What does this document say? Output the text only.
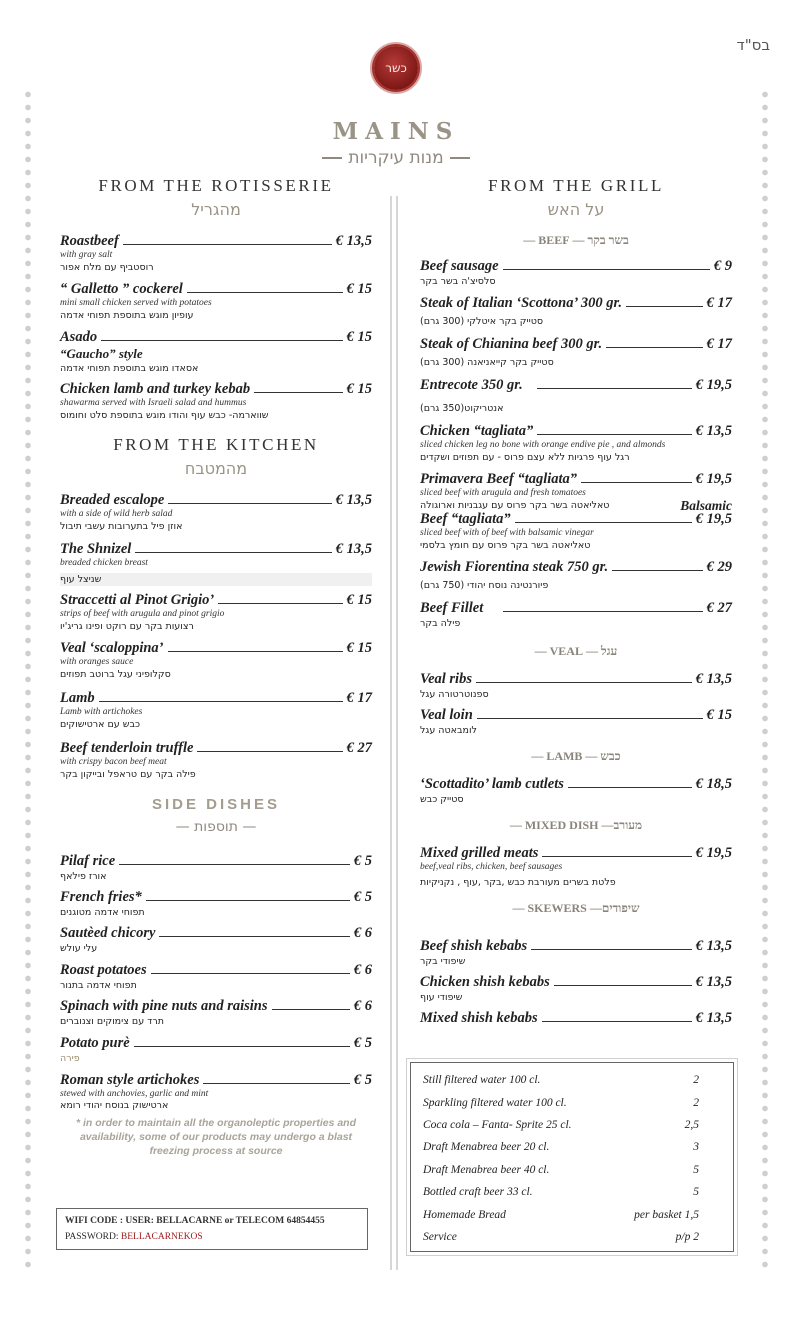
בס"ד
כשר
MAINS
מנות עיקריות
FROM THE ROTISSERIE
מהגריל
Roastbeef	€ 13,5
with gray salt
רוסטביף עם מלח אפור
“ Galletto ” cockerel	€ 15
mini small chicken served with potatoes
עופיון מוגש בתוספת תפוחי אדמה
Asado	€ 15
“Gaucho” style
אסאדו מוגש בתוספת תפוחי אדמה
Chicken lamb and turkey kebab	€ 15
shawarma served with Israeli salad and hummus
שווארמה- כבש עוף והודו מוגש בתוספת סלט וחומוס
FROM THE KITCHEN
מהמטבח
Breaded escalope	€ 13,5
with a side of wild herb salad
אוזן פיל בתערובות עשבי תיבול
The Shnizel	€ 13,5
breaded chicken breast
שניצל עוף
Straccetti al Pinot Grigio’	€ 15
strips of beef with arugula and pinot grigio
רצועות בקר עם רוקט ופינו גריג'יו
Veal ‘scaloppina’	€ 15
with oranges sauce
סקלופיני עגל ברוטב תפוזים
Lamb	€ 17
Lamb with artichokes
כבש עם ארטישוקים
Beef tenderloin truffle	€ 27
with crispy bacon beef meat
פילה בקר עם טראפל ובייקון בקר
SIDE DISHES
— תוספות —
Pilaf rice	€ 5
אורז פילאף
French fries*	€ 5
תפוחי אדמה מטוגנים
Sautèed chicory	€ 6
עלי עולש
Roast potatoes	€ 6
תפוחי אדמה בתנור
Spinach with pine nuts and raisins	€ 6
תרד עם צימוקים וצנוברים
Potato purè	€ 5
פירה
Roman style artichokes	€ 5
stewed with anchovies, garlic and mint
ארטישוק בנוסח יהודי רומא
* in order to maintain all the organoleptic properties and availability, some of our products may undergo a blast freezing process at source
WIFI CODE : USER: BELLACARNE or TELECOM 64854455
PASSWORD: BELLACARNEKOS
FROM THE GRILL
על האש
— BEEF — בשר בקר
Beef sausage	€ 9
סלסיצ'ה בשר בקר
Steak of Italian ‘Scottona’ 300 gr.	€ 17
סטייק בקר איטלקי (300 גרם)
Steak of Chianina beef 300 gr.	€ 17
סטייק בקר קייאניאנה (300 גרם)
Entrecote 350 gr.	€ 19,5
אנטריקוט(350 גרם)
Chicken “tagliata”	€ 13,5
sliced chicken leg no bone with orange endive pie , and almonds
רגל עוף פרגיות ללא עצם פרוס - עם תפוזים ושקדים
Primavera Beef “tagliata”	€ 19,5
sliced beef with arugula and fresh tomatoes
טאליאטה בשר בקר פרוס עם עגבניות וארוגולה	Balsamic
Beef “tagliata”	€ 19,5
sliced beef with of beef with balsamic vinegar
טאליאטה בשר בקר פרוס עם חומץ בלסמי
Jewish Fiorentina steak 750 gr.	€ 29
פיורנטינה נוסח יהודי (750 גרם)
Beef Fillet	€ 27
פילה בקר
— VEAL — עגל
Veal ribs	€ 13,5
ספנוטרטורה עגל
Veal loin	€ 15
לומבאטה עגל
— LAMB — כבש
‘Scottadito’ lamb cutlets	€ 18,5
סטייק כבש
— MIXED DISH —מעורב
Mixed grilled meats	€ 19,5
beef,veal ribs, chicken, beef sausages
פלטת בשרים מעורבת כבש ,בקר ,עוף , נקניקיות
— SKEWERS —שיפודים
Beef shish kebabs	€ 13,5
שיפודי בקר
Chicken shish kebabs	€ 13,5
שיפודי עוף
Mixed shish kebabs	€ 13,5
Still filtered water 100 cl.	2
Sparkling filtered water 100 cl.	2
Coca cola – Fanta- Sprite 25 cl.	2,5
Draft Menabrea beer 20 cl.	3
Draft Menabrea beer 40 cl.	5
Bottled craft beer 33 cl.	5
Homemade Bread	per basket 1,5
Service	p/p 2
